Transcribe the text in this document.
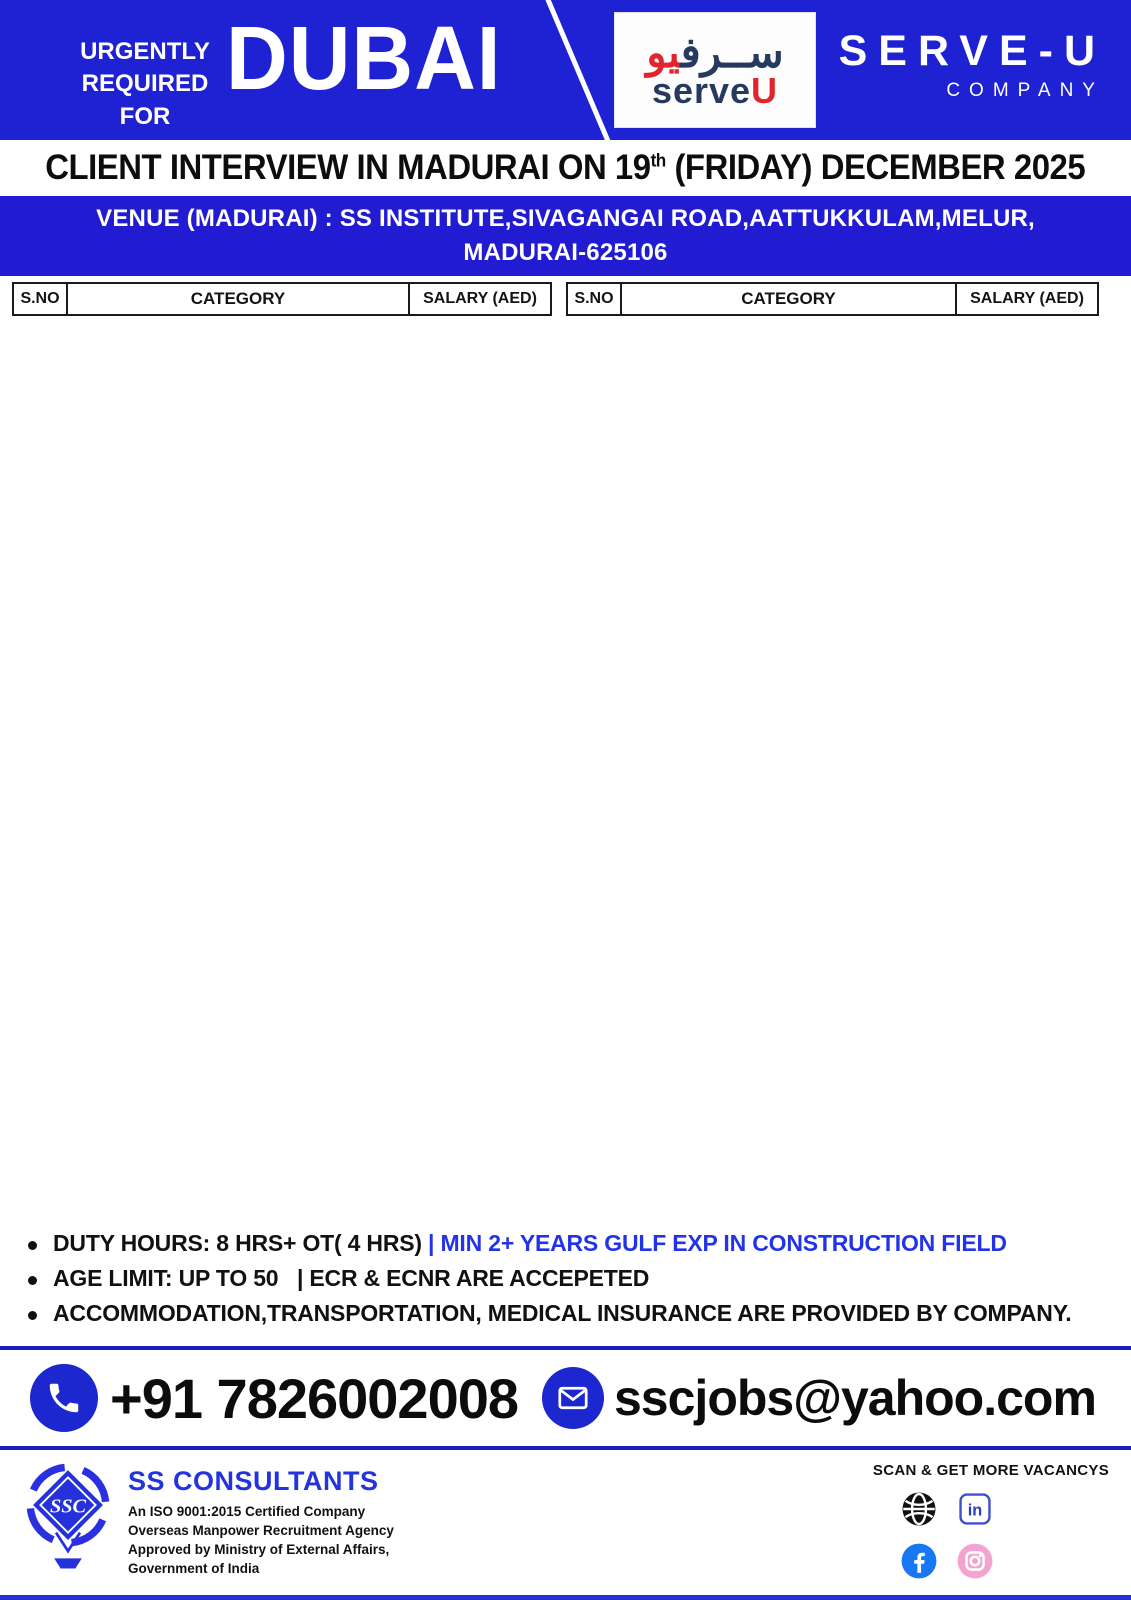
URGENTLY
REQUIRED FOR
DUBAI	ســرفيو
serveU
SERVE-U
COMPANY
CLIENT INTERVIEW IN MADURAI ON 19th (FRIDAY) DECEMBER 2025
VENUE (MADURAI) : SS INSTITUTE,SIVAGANGAI ROAD,AATTUKKULAM,MELUR,
MADURAI-625106
S.NO	CATEGORY	SALARY (AED) S.NO	CATEGORY	SALARY (AED)
DUTY HOURS: 8 HRS+ OT( 4 HRS) | MIN 2+ YEARS GULF EXP IN CONSTRUCTION FIELD
AGE LIMIT: UP TO 50   | ECR & ECNR ARE ACCEPETED
ACCOMMODATION,TRANSPORTATION, MEDICAL INSURANCE ARE PROVIDED BY COMPANY.
+91 7826002008 sscjobs@yahoo.com
SSC
SS CONSULTANTS
An ISO 9001:2015 Certified Company
Overseas Manpower Recruitment Agency
Approved by Ministry of External Affairs,
Government of India
SCAN & GET MORE VACANCYS
in
